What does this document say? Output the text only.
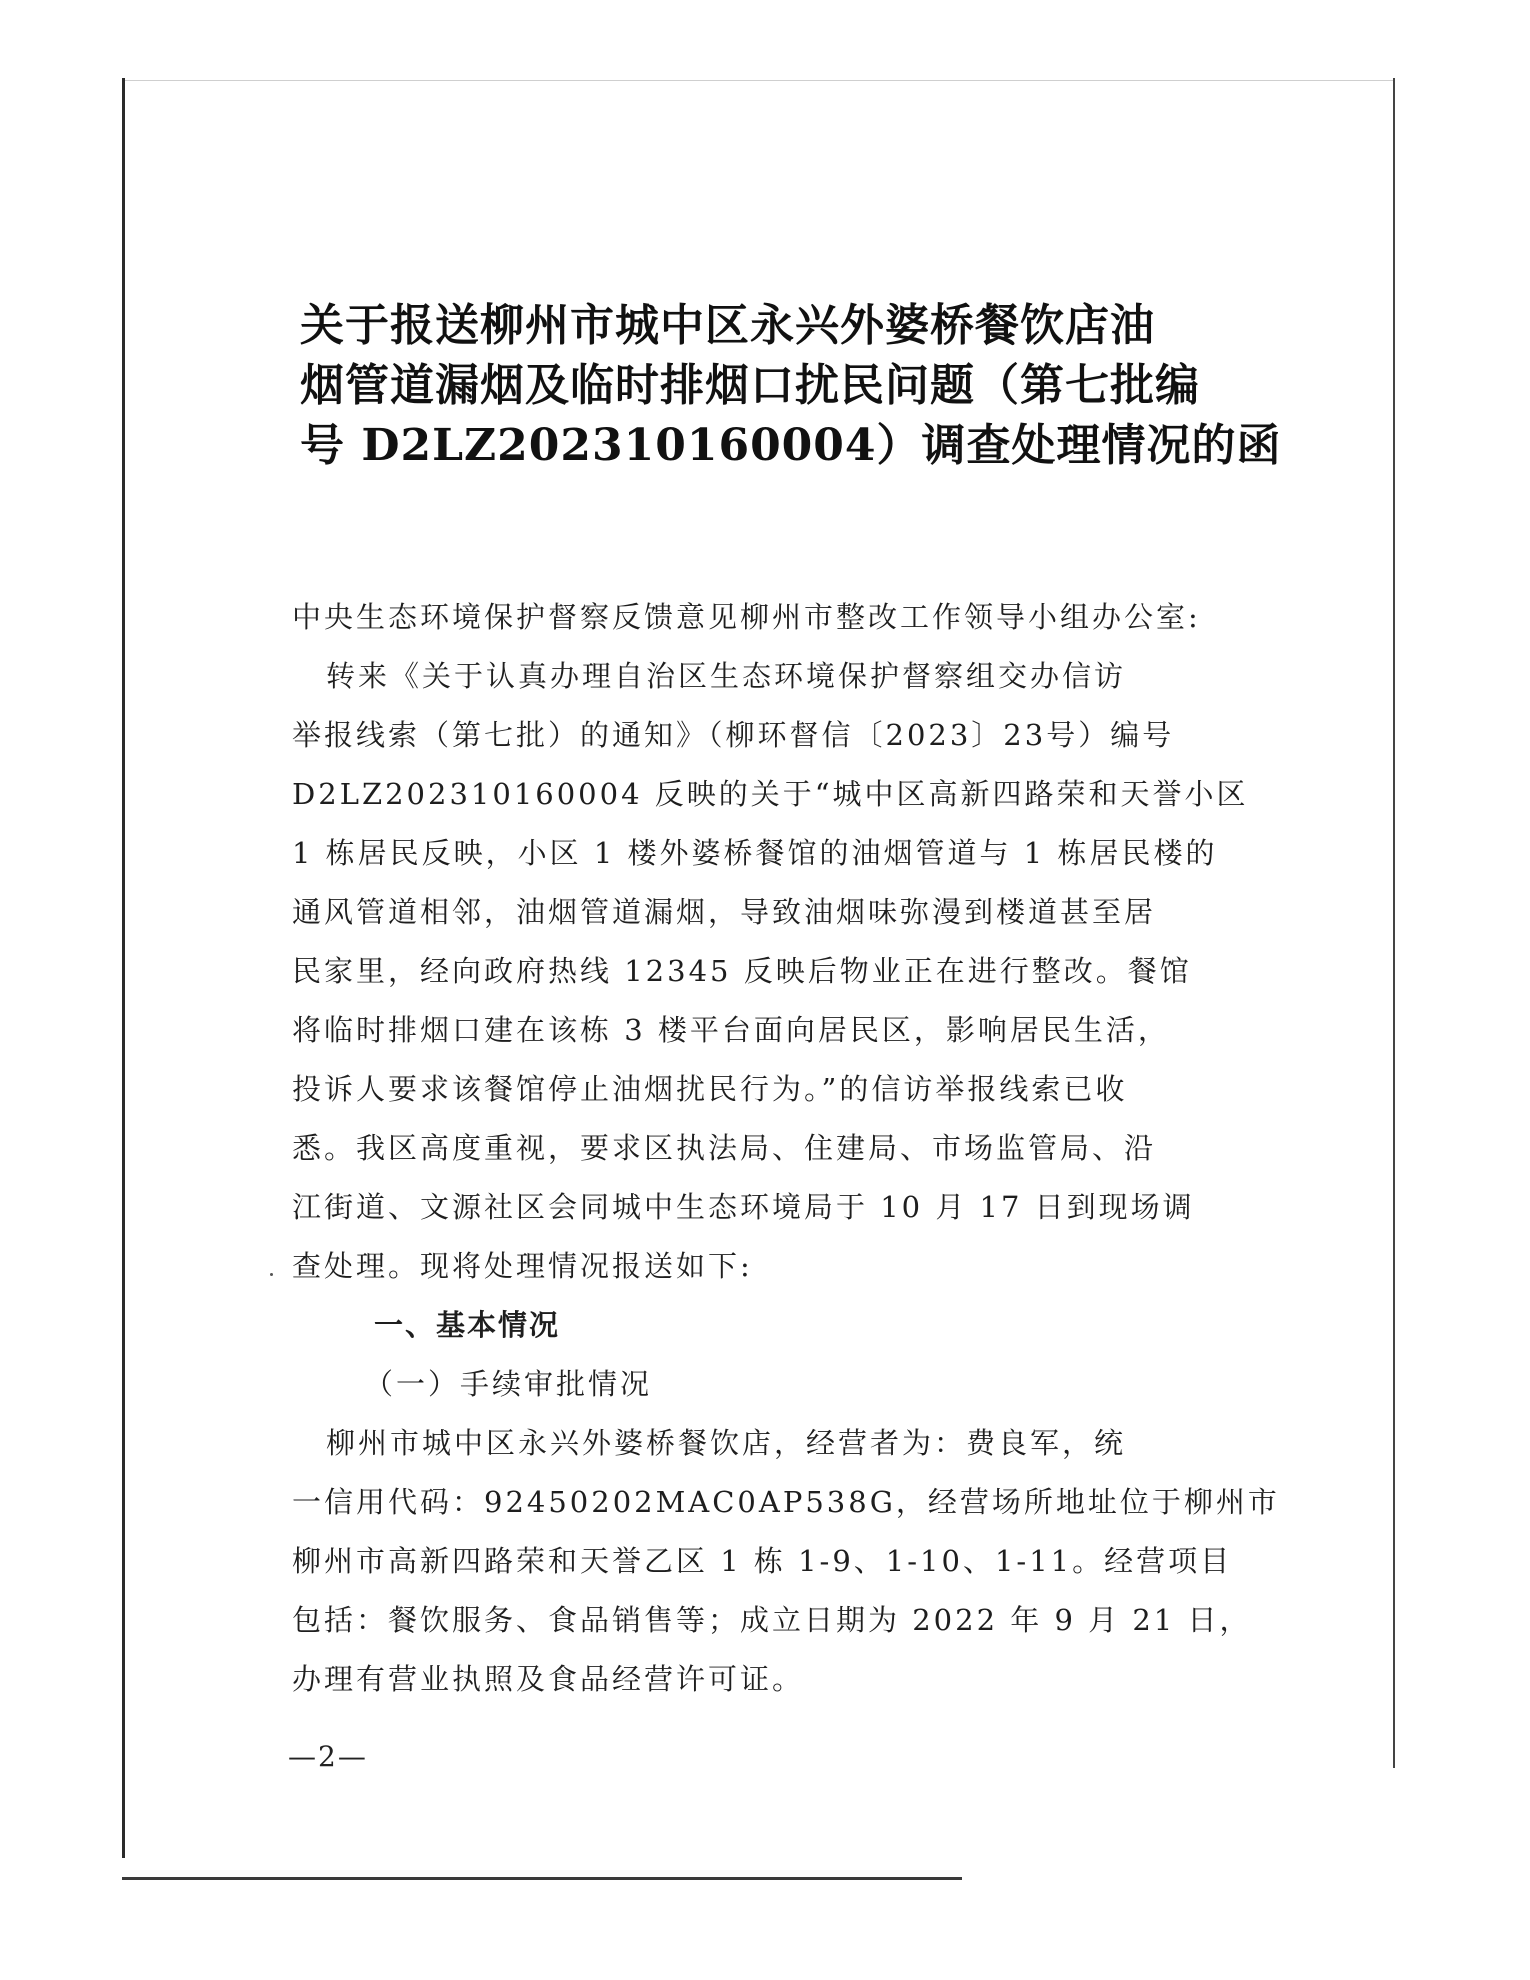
关于报送柳州市城中区永兴外婆桥餐饮店油
烟管道漏烟及临时排烟口扰民问题（第七批编
号 D2LZ202310160004）调查处理情况的函
中央生态环境保护督察反馈意见柳州市整改工作领导小组办公室:
转来《关于认真办理自治区生态环境保护督察组交办信访
举报线索（第七批）的通知》（柳环督信〔2023〕23号）编号
D2LZ202310160004 反映的关于“城中区高新四路荣和天誉小区
1 栋居民反映，小区 1 楼外婆桥餐馆的油烟管道与 1 栋居民楼的
通风管道相邻，油烟管道漏烟，导致油烟味弥漫到楼道甚至居
民家里，经向政府热线 12345 反映后物业正在进行整改。餐馆
将临时排烟口建在该栋 3 楼平台面向居民区，影响居民生活，
投诉人要求该餐馆停止油烟扰民行为。”的信访举报线索已收
悉。我区高度重视，要求区执法局、住建局、市场监管局、沿
江街道、文源社区会同城中生态环境局于 10 月 17 日到现场调
查处理。现将处理情况报送如下:
一、基本情况
（一）手续审批情况
柳州市城中区永兴外婆桥餐饮店，经营者为：费良军，统
一信用代码：92450202MAC0AP538G，经营场所地址位于柳州市
柳州市高新四路荣和天誉乙区 1 栋 1-9、1-10、1-11。经营项目
包括：餐饮服务、食品销售等；成立日期为 2022 年 9 月 21 日，
办理有营业执照及食品经营许可证。
—2—
